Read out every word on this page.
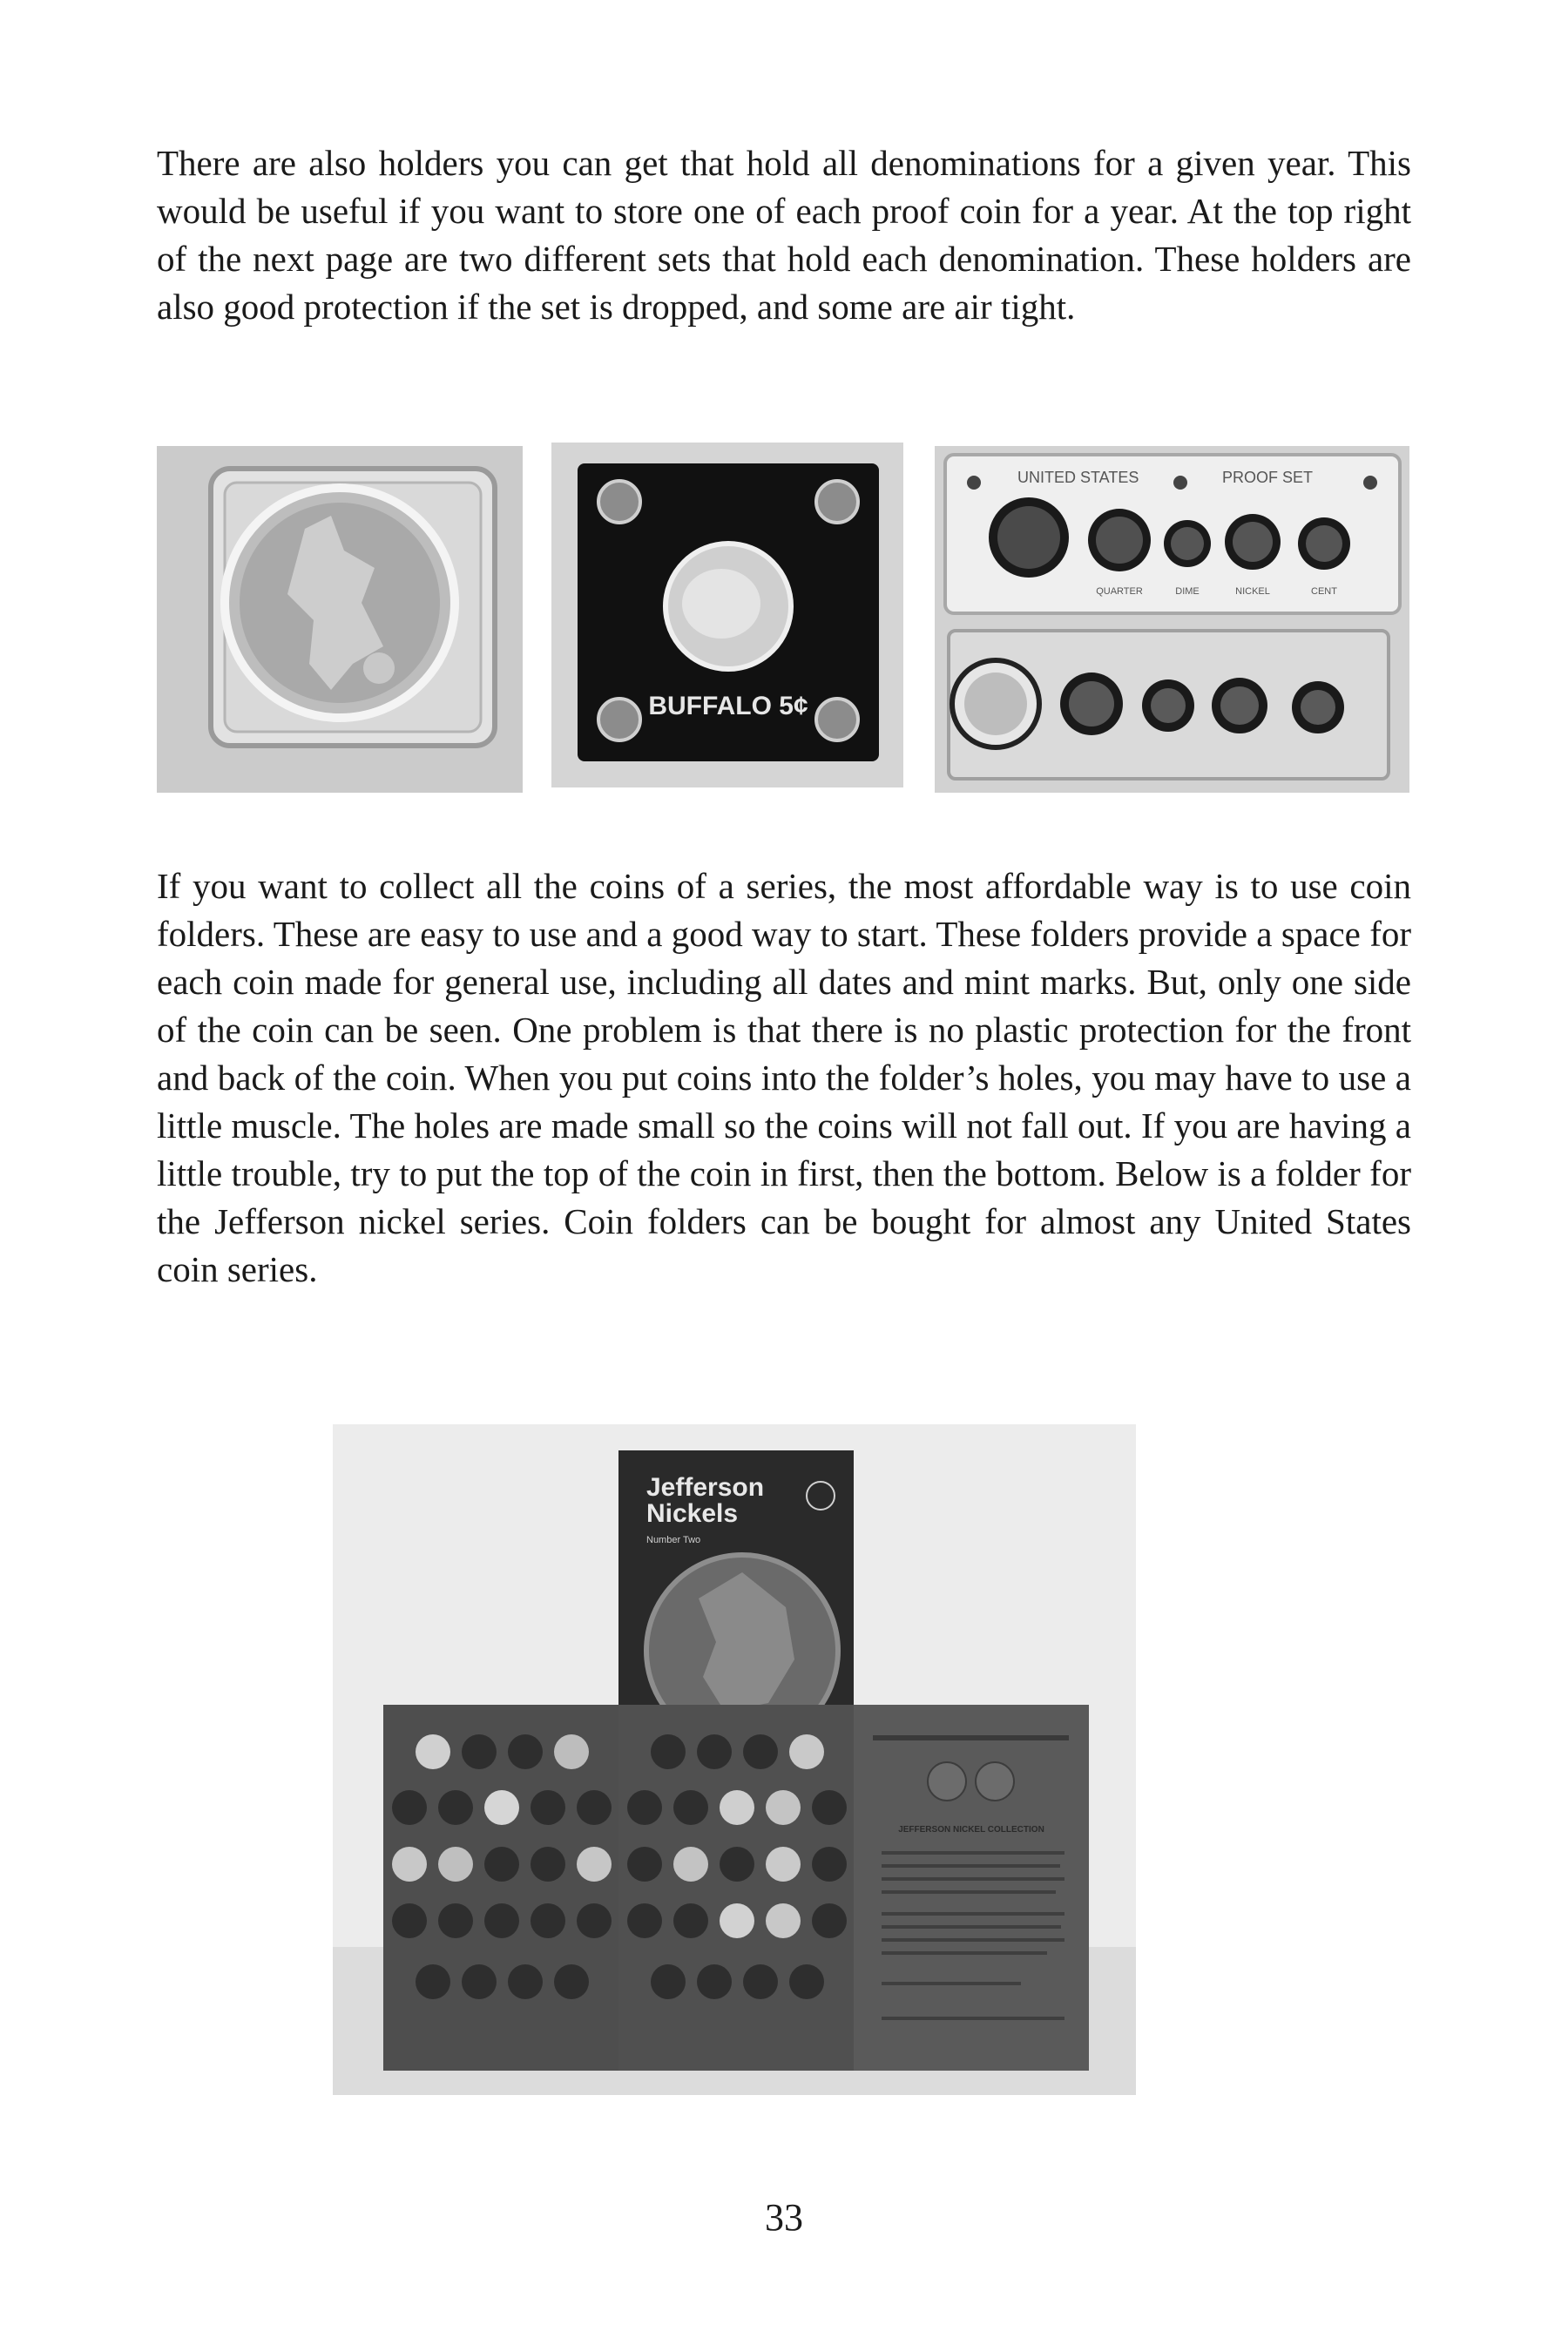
There are also holders you can get that hold all denominations for a given year. This would be useful if you want to store one of each proof coin for a year. At the top right of the next page are two different sets that hold each denomination. These holders are also good protection if the set is dropped, and some are air tight.

BUFFALO 5¢
UNITED STATES	PROOF SET
QUARTER	DIME	NICKEL	CENT

If you want to collect all the coins of a series, the most affordable way is to use coin folders. These are easy to use and a good way to start. These folders provide a space for each coin made for general use, including all dates and mint marks. But, only one side of the coin can be seen. One problem is that there is no plastic protection for the front and back of the coin. When you put coins into the folder’s holes, you may have to use a little muscle. The holes are made small so the coins will not fall out. If you are having a little trouble, try to put the top of the coin in first, then the bottom. Below is a folder for the Jefferson nickel series. Coin folders can be bought for almost any United States coin series.

Jefferson
Nickels
Number Two
JEFFERSON NICKEL COLLECTION
33
